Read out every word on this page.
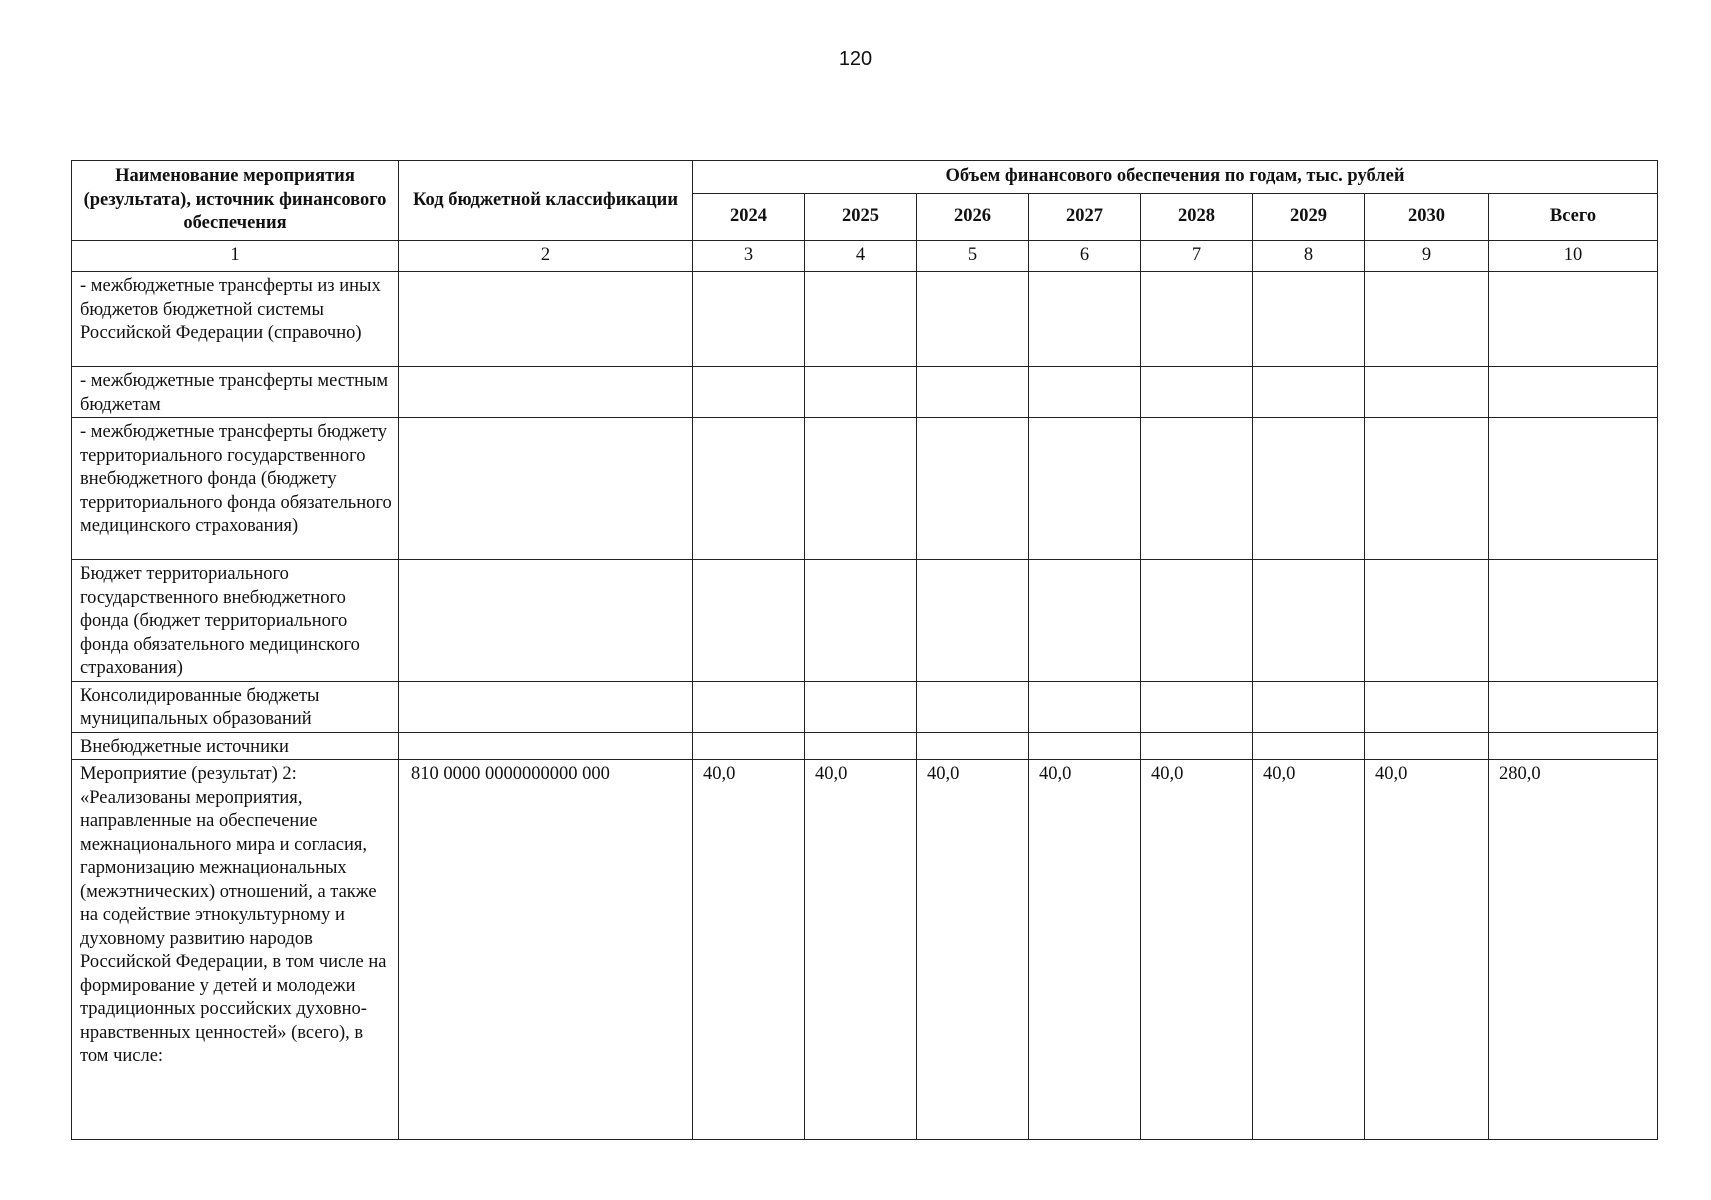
120
Наименование мероприятия (результата), источник финансового обеспечения	Код бюджетной классификации	Объем финансового обеспечения по годам, тыс. рублей							
		2024	2025	2026	2027	2028	2029	2030	Всего
1	2	3	4	5	6	7	8	9	10
- межбюджетные трансферты из иных бюджетов бюджетной системы Российской Федерации (справочно)									
- межбюджетные трансферты местным бюджетам									
- межбюджетные трансферты бюджету территориального государственного внебюджетного фонда (бюджету территориального фонда обязательного медицинского страхования)									
Бюджет территориального государственного внебюджетного фонда (бюджет территориального фонда обязательного медицинского страхования)									
Консолидированные бюджеты муниципальных образований									
Внебюджетные источники									
Мероприятие (результат) 2: «Реализованы мероприятия, направленные на обеспечение межнационального мира и согласия, гармонизацию межнациональных (межэтнических) отношений, а также на содействие этнокультурному и духовному развитию народов Российской Федерации, в том числе на формирование у детей и молодежи традиционных российских духовно-нравственных ценностей» (всего), в том числе:	810 0000 0000000000 000	40,0	40,0	40,0	40,0	40,0	40,0	40,0	280,0
